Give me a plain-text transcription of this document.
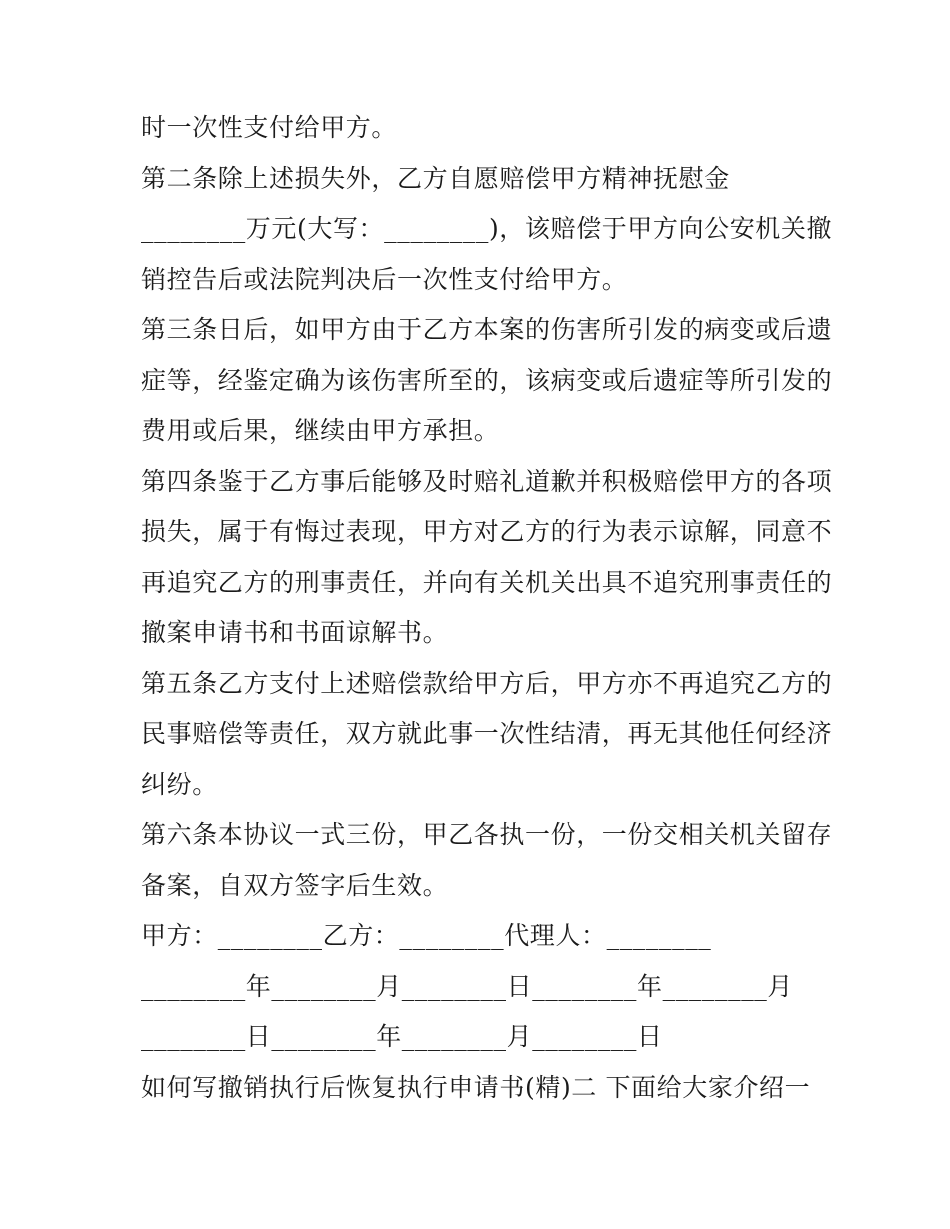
时一次性支付给甲方。
第二条除上述损失外，乙方自愿赔偿甲方精神抚慰金
________万元(大写：________)，该赔偿于甲方向公安机关撤
销控告后或法院判决后一次性支付给甲方。
第三条日后，如甲方由于乙方本案的伤害所引发的病变或后遗
症等，经鉴定确为该伤害所至的，该病变或后遗症等所引发的
费用或后果，继续由甲方承担。
第四条鉴于乙方事后能够及时赔礼道歉并积极赔偿甲方的各项
损失，属于有悔过表现，甲方对乙方的行为表示谅解，同意不
再追究乙方的刑事责任，并向有关机关出具不追究刑事责任的
撤案申请书和书面谅解书。
第五条乙方支付上述赔偿款给甲方后，甲方亦不再追究乙方的
民事赔偿等责任，双方就此事一次性结清，再无其他任何经济
纠纷。
第六条本协议一式三份，甲乙各执一份，一份交相关机关留存
备案，自双方签字后生效。
甲方：________乙方：________代理人：________
________年________月________日________年________月
________日________年________月________日
如何写撤销执行后恢复执行申请书(精)二 下面给大家介绍一
